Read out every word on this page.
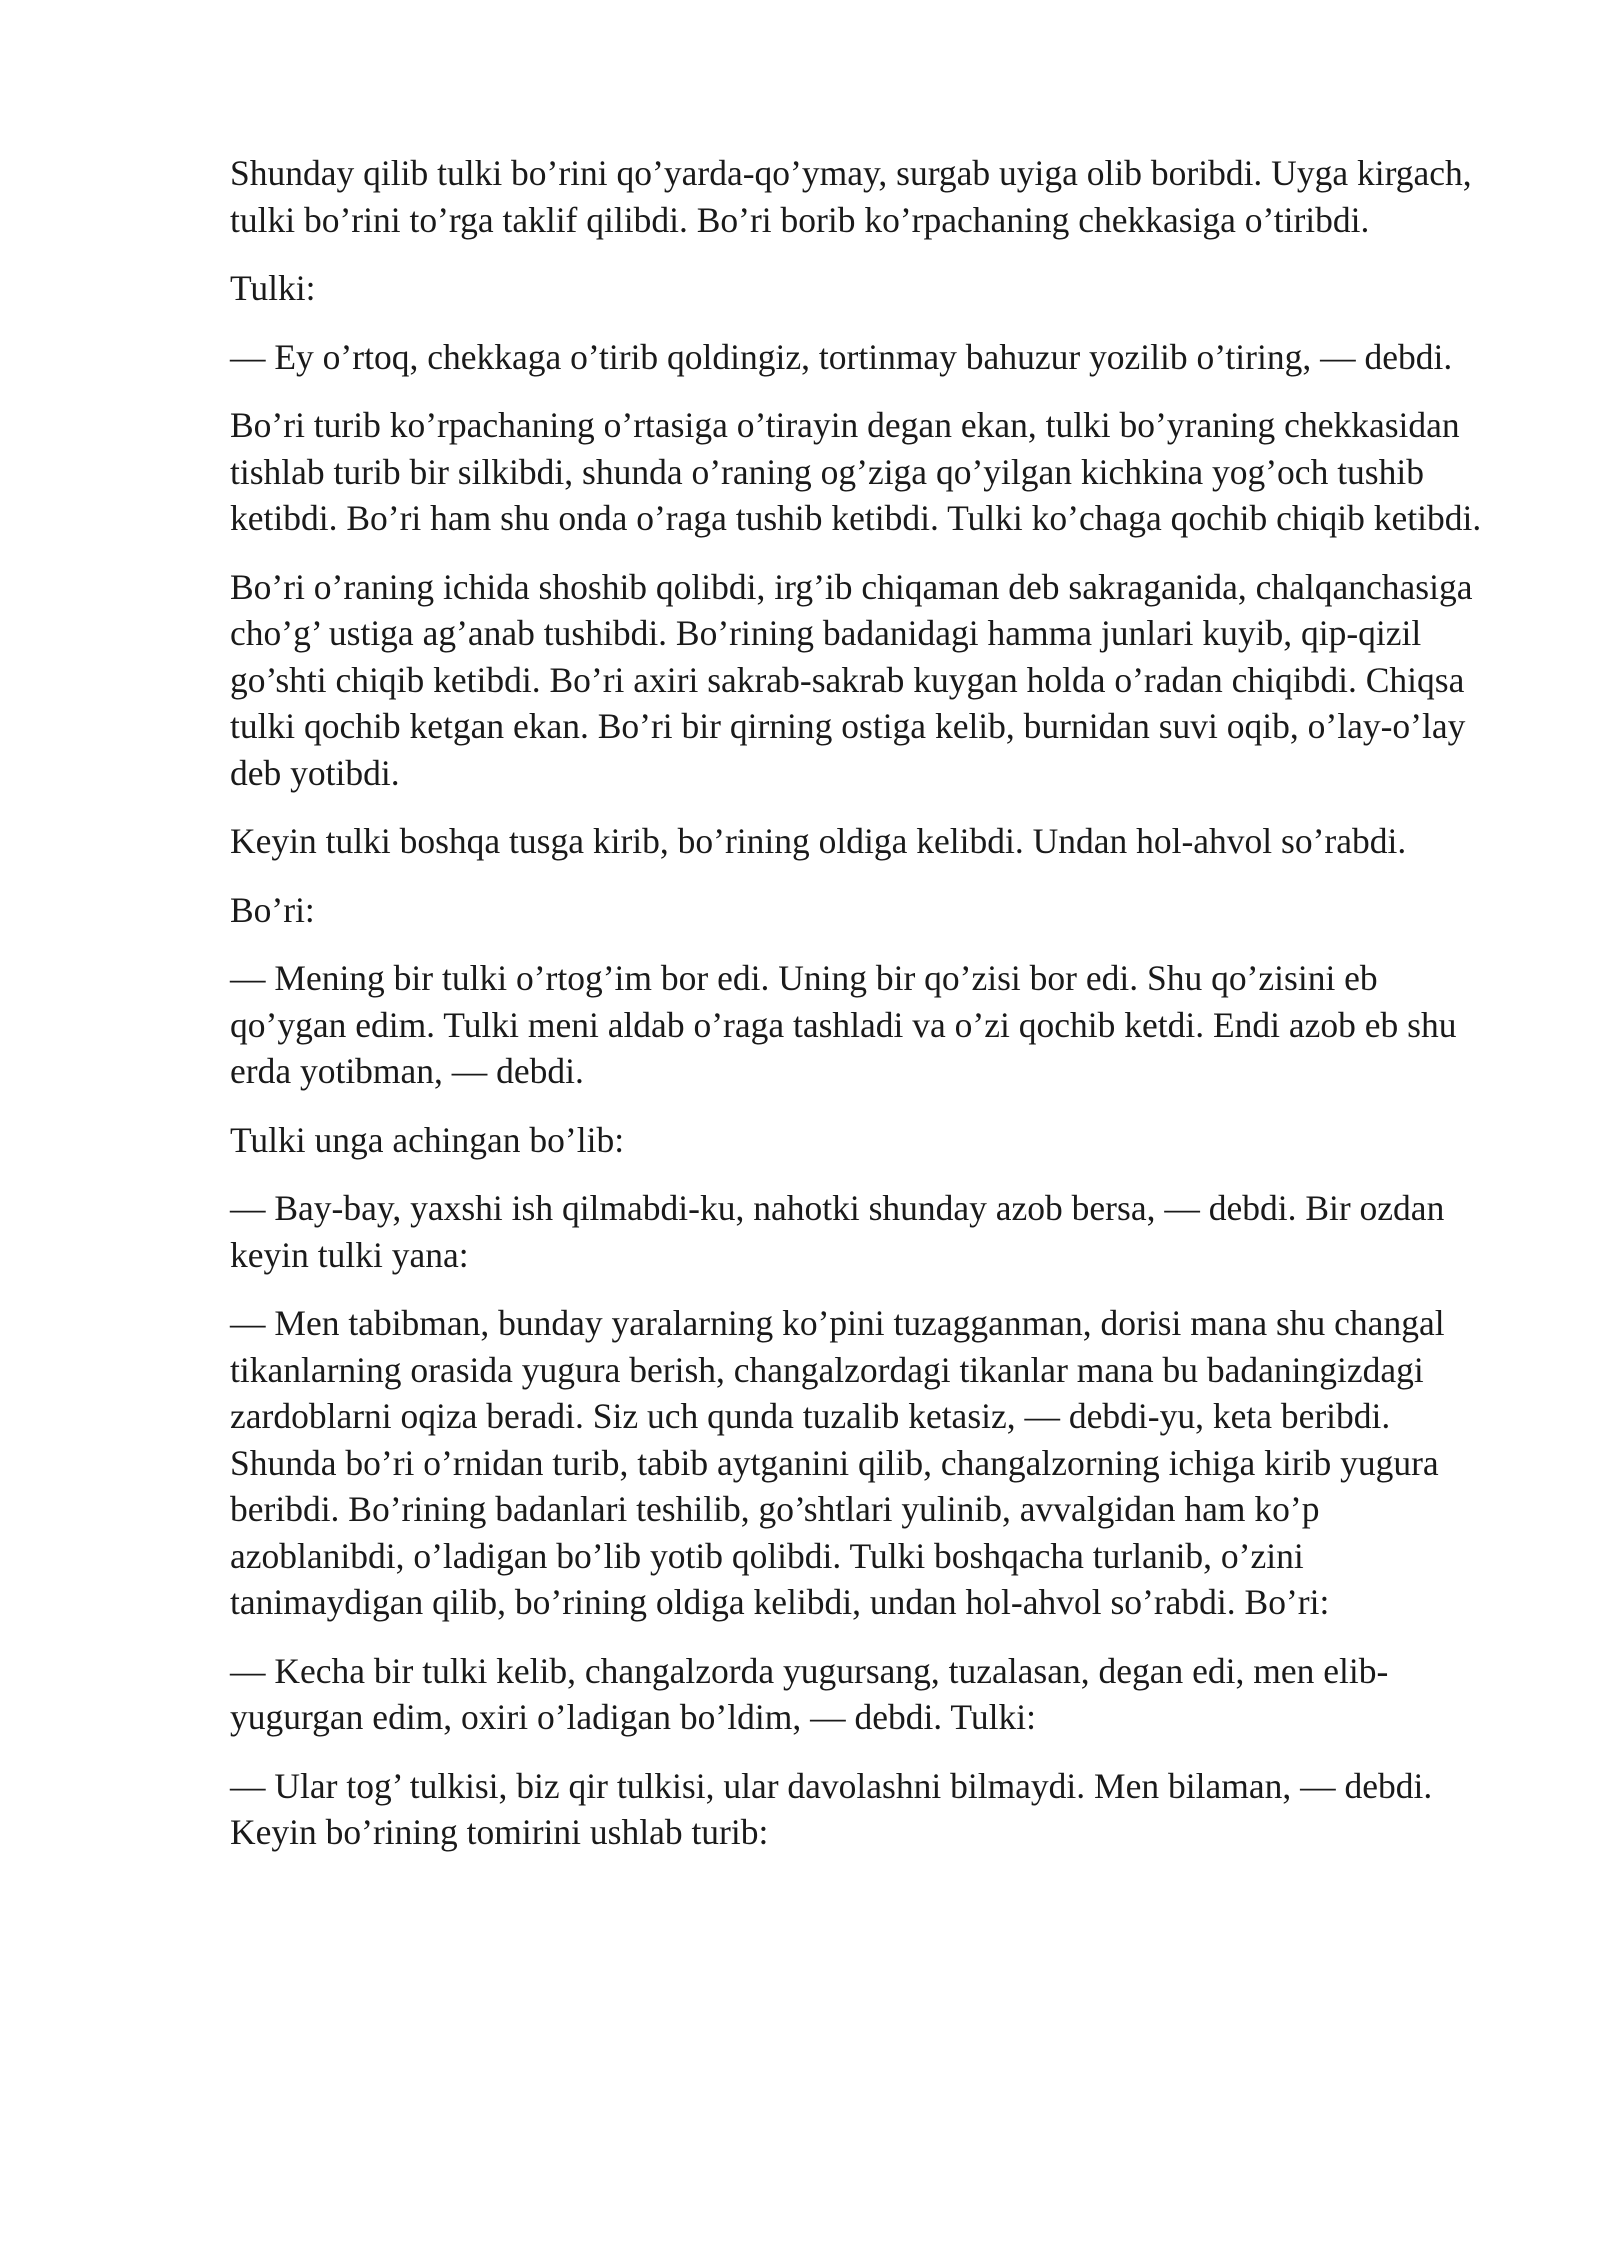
Shunday qilib tulki bo’rini qo’yarda-qo’ymay, surgab uyiga olib boribdi. Uyga kirgach, tulki bo’rini to’rga taklif qilibdi. Bo’ri borib ko’rpachaning chekkasiga o’tiribdi.

Tulki:

— Ey o’rtoq, chekkaga o’tirib qoldingiz, tortinmay bahuzur yozilib o’tiring, — debdi.

Bo’ri turib ko’rpachaning o’rtasiga o’tirayin degan ekan, tulki bo’yraning chekkasidan tishlab turib bir silkibdi, shunda o’raning og’ziga qo’yilgan kichkina yog’och tushib ketibdi. Bo’ri ham shu onda o’raga tushib ketibdi. Tulki ko’chaga qochib chiqib ketibdi.

Bo’ri o’raning ichida shoshib qolibdi, irg’ib chiqaman deb sakraganida, chalqanchasiga cho’g’ ustiga ag’anab tushibdi. Bo’rining badanidagi hamma junlari kuyib, qip-qizil go’shti chiqib ketibdi. Bo’ri axiri sakrab-sakrab kuygan holda o’radan chiqibdi. Chiqsa tulki qochib ketgan ekan. Bo’ri bir qirning ostiga kelib, burnidan suvi oqib, o’lay-o’lay deb yotibdi.

Keyin tulki boshqa tusga kirib, bo’rining oldiga kelibdi. Undan hol-ahvol so’rabdi.

Bo’ri:

— Mening bir tulki o’rtog’im bor edi. Uning bir qo’zisi bor edi. Shu qo’zisini eb qo’ygan edim. Tulki meni aldab o’raga tashladi va o’zi qochib ketdi. Endi azob eb shu erda yotibman, — debdi.

Tulki unga achingan bo’lib:

— Bay-bay, yaxshi ish qilmabdi-ku, nahotki shunday azob bersa, — debdi. Bir ozdan keyin tulki yana:

— Men tabibman, bunday yaralarning ko’pini tuzagganman, dorisi mana shu changal tikanlarning orasida yugura berish, changalzordagi tikanlar mana bu badaningizdagi zardoblarni oqiza beradi. Siz uch qunda tuzalib ketasiz, — debdi-yu, keta beribdi. Shunda bo’ri o’rnidan turib, tabib aytganini qilib, changalzorning ichiga kirib yugura beribdi. Bo’rining badanlari teshilib, go’shtlari yulinib, avvalgidan ham ko’p azoblanibdi, o’ladigan bo’lib yotib qolibdi. Tulki boshqacha turlanib, o’zini tanimaydigan qilib, bo’rining oldiga kelibdi, undan hol-ahvol so’rabdi. Bo’ri:

— Kecha bir tulki kelib, changalzorda yugursang, tuzalasan, degan edi, men elib-yugurgan edim, oxiri o’ladigan bo’ldim, — debdi. Tulki:

— Ular tog’ tulkisi, biz qir tulkisi, ular davolashni bilmaydi. Men bilaman, — debdi. Keyin bo’rining tomirini ushlab turib:
